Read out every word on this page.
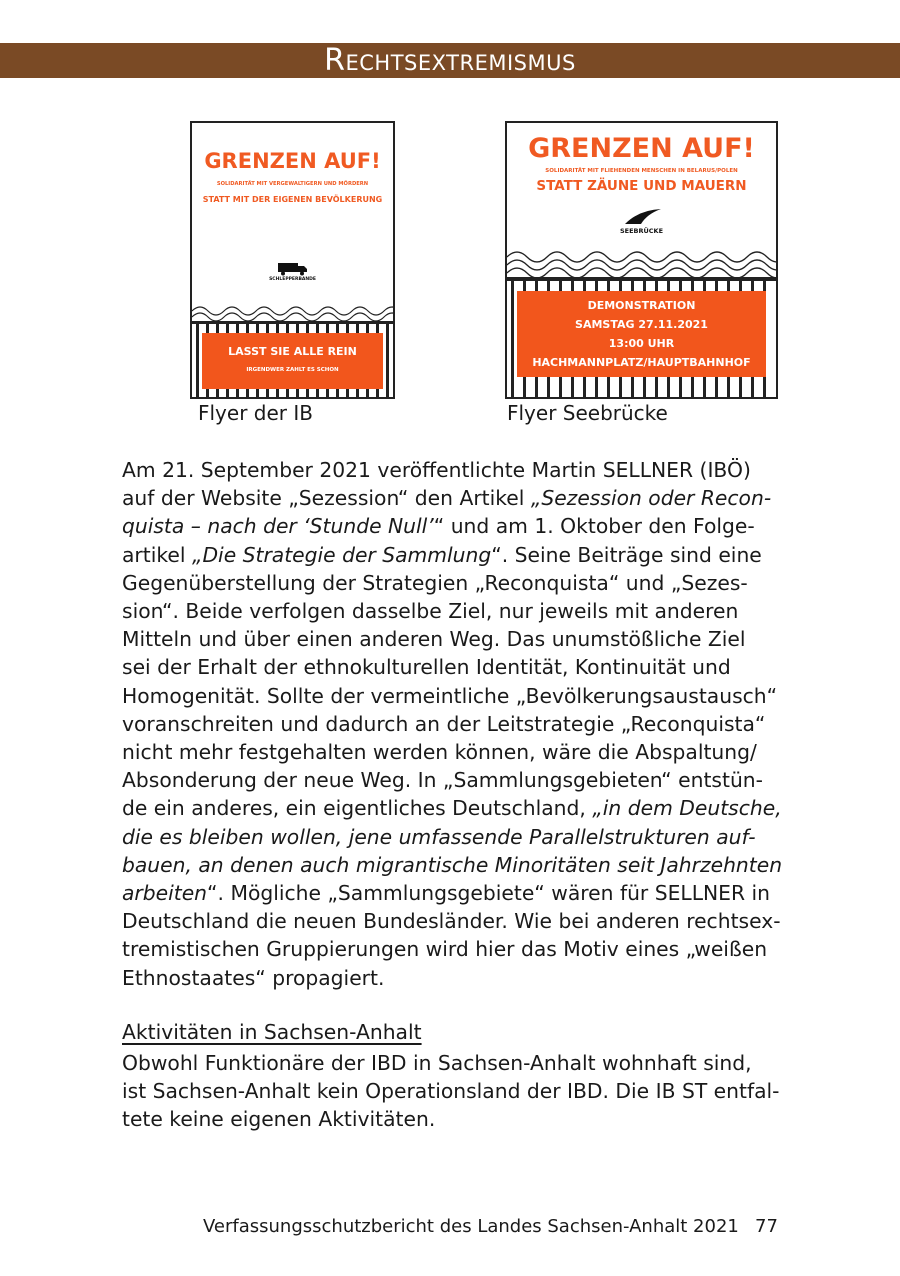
Rechtsextremismus
GRENZEN AUF!
SOLIDARITÄT MIT VERGEWALTIGERN UND MÖRDERN
STATT MIT DER EIGENEN BEVÖLKERUNG
SCHLEPPERBANDE
LASST SIE ALLE REIN
IRGENDWER ZAHLT ES SCHON
Flyer der IB
GRENZEN AUF!
SOLIDARITÄT MIT FLIEHENDEN MENSCHEN IN BELARUS/POLEN
STATT ZÄUNE UND MAUERN
SEEBRÜCKE
DEMONSTRATION
SAMSTAG 27.11.2021
13:00 UHR
HACHMANNPLATZ/HAUPTBAHNHOF
Flyer Seebrücke
Am 21. September 2021 veröffentlichte Martin SELLNER (IBÖ)
auf der Website „Sezession“ den Artikel „Sezession oder Recon-
quista – nach der ‘Stunde Null’“ und am 1. Oktober den Folge-
artikel „Die Strategie der Sammlung“. Seine Beiträge sind eine
Gegenüberstellung der Strategien „Reconquista“ und „Sezes-
sion“. Beide verfolgen dasselbe Ziel, nur jeweils mit anderen
Mitteln und über einen anderen Weg. Das unumstößliche Ziel
sei der Erhalt der ethnokulturellen Identität, Kontinuität und
Homogenität. Sollte der vermeintliche „Bevölkerungsaustausch“
voranschreiten und dadurch an der Leitstrategie „Reconquista“
nicht mehr festgehalten werden können, wäre die Abspaltung/
Absonderung der neue Weg. In „Sammlungsgebieten“ entstün-
de ein anderes, ein eigentliches Deutschland, „in dem Deutsche,
die es bleiben wollen, jene umfassende Parallelstrukturen auf-
bauen, an denen auch migrantische Minoritäten seit Jahrzehnten
arbeiten“. Mögliche „Sammlungsgebiete“ wären für SELLNER in
Deutschland die neuen Bundesländer. Wie bei anderen rechtsex-
tremistischen Gruppierungen wird hier das Motiv eines „weißen
Ethnostaates“ propagiert.
Aktivitäten in Sachsen-Anhalt
Obwohl Funktionäre der IBD in Sachsen-Anhalt wohnhaft sind,
ist Sachsen-Anhalt kein Operationsland der IBD. Die IB ST entfal-
tete keine eigenen Aktivitäten.
Verfassungsschutzbericht des Landes Sachsen-Anhalt 2021 77
